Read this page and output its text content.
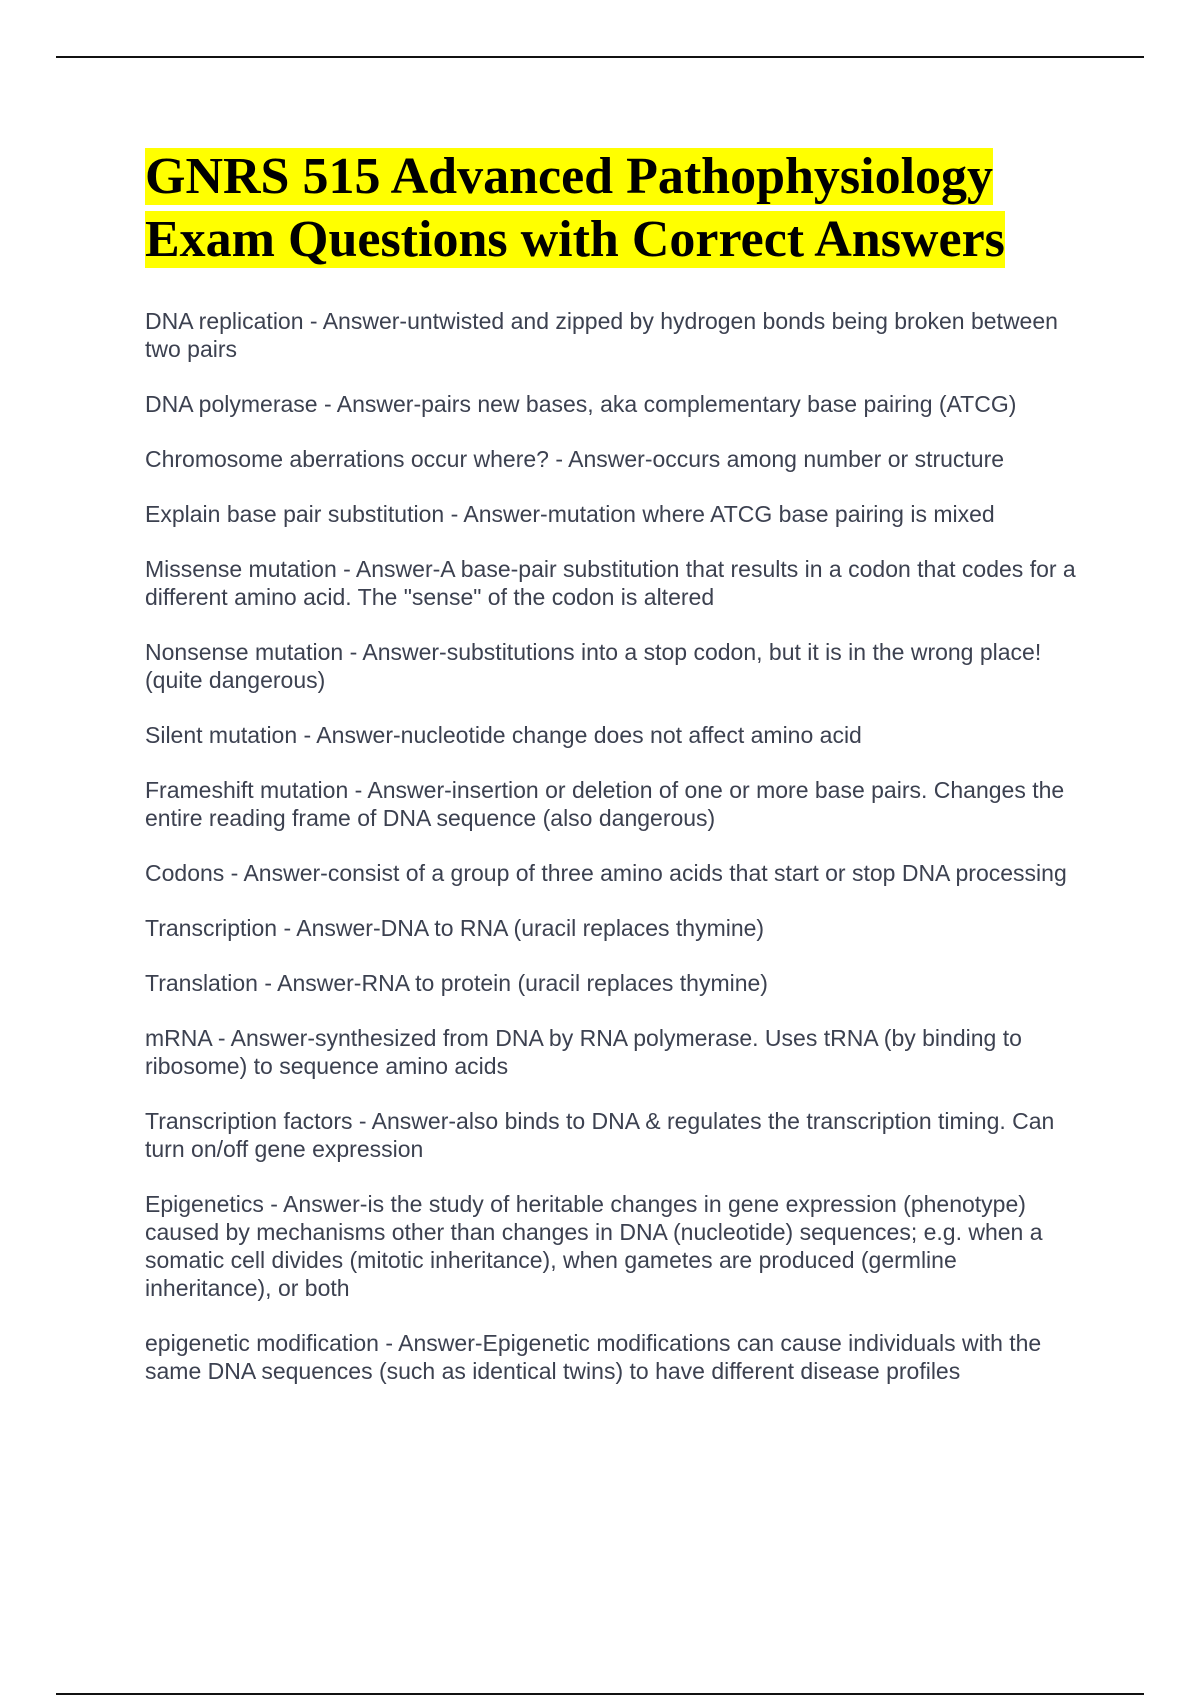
GNRS 515 Advanced Pathophysiology
Exam Questions with Correct Answers

DNA replication - Answer-untwisted and zipped by hydrogen bonds being broken between two pairs

DNA polymerase - Answer-pairs new bases, aka complementary base pairing (ATCG)

Chromosome aberrations occur where? - Answer-occurs among number or structure

Explain base pair substitution - Answer-mutation where ATCG base pairing is mixed

Missense mutation - Answer-A base-pair substitution that results in a codon that codes for a different amino acid. The "sense" of the codon is altered

Nonsense mutation - Answer-substitutions into a stop codon, but it is in the wrong place! (quite dangerous)

Silent mutation - Answer-nucleotide change does not affect amino acid

Frameshift mutation - Answer-insertion or deletion of one or more base pairs. Changes the entire reading frame of DNA sequence (also dangerous)

Codons - Answer-consist of a group of three amino acids that start or stop DNA processing

Transcription - Answer-DNA to RNA (uracil replaces thymine)

Translation - Answer-RNA to protein (uracil replaces thymine)

mRNA - Answer-synthesized from DNA by RNA polymerase. Uses tRNA (by binding to ribosome) to sequence amino acids

Transcription factors - Answer-also binds to DNA & regulates the transcription timing. Can turn on/off gene expression

Epigenetics - Answer-is the study of heritable changes in gene expression (phenotype) caused by mechanisms other than changes in DNA (nucleotide) sequences; e.g. when a somatic cell divides (mitotic inheritance), when gametes are produced (germline inheritance), or both

epigenetic modification - Answer-Epigenetic modifications can cause individuals with the same DNA sequences (such as identical twins) to have different disease profiles
